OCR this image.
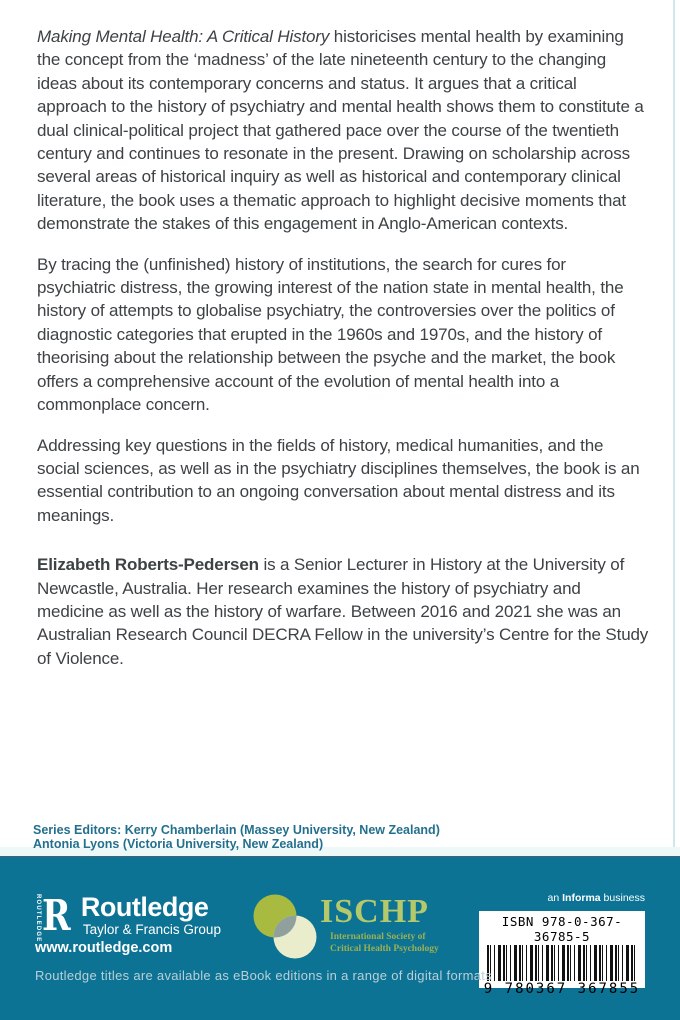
Making Mental Health: A Critical History historicises mental health by examining the concept from the ‘madness’ of the late nineteenth century to the changing ideas about its contemporary concerns and status. It argues that a critical approach to the history of psychiatry and mental health shows them to constitute a dual clinical-political project that gathered pace over the course of the twentieth century and continues to resonate in the present. Drawing on scholarship across several areas of historical inquiry as well as historical and contemporary clinical literature, the book uses a thematic approach to highlight decisive moments that demonstrate the stakes of this engagement in Anglo-American contexts.

By tracing the (unfinished) history of institutions, the search for cures for psychiatric distress, the growing interest of the nation state in mental health, the history of attempts to globalise psychiatry, the controversies over the politics of diagnostic categories that erupted in the 1960s and 1970s, and the history of theorising about the relationship between the psyche and the market, the book offers a comprehensive account of the evolution of mental health into a commonplace concern.

Addressing key questions in the fields of history, medical humanities, and the social sciences, as well as in the psychiatry disciplines themselves, the book is an essential contribution to an ongoing conversation about mental distress and its meanings.

Elizabeth Roberts-Pedersen is a Senior Lecturer in History at the University of Newcastle, Australia. Her research examines the history of psychiatry and medicine as well as the history of warfare. Between 2016 and 2021 she was an Australian Research Council DECRA Fellow in the university’s Centre for the Study of Violence.

Series Editors: Kerry Chamberlain (Massey University, New Zealand)
Antonia Lyons (Victoria University, New Zealand)
ROUTLEDGE R Routledge
Taylor & Francis Group
www.routledge.com
ISCHP
International Society of
Critical Health Psychology
an Informa business
ISBN 978-0-367-36785-5
9 780367 367855
Routledge titles are available as eBook editions in a range of digital formats
